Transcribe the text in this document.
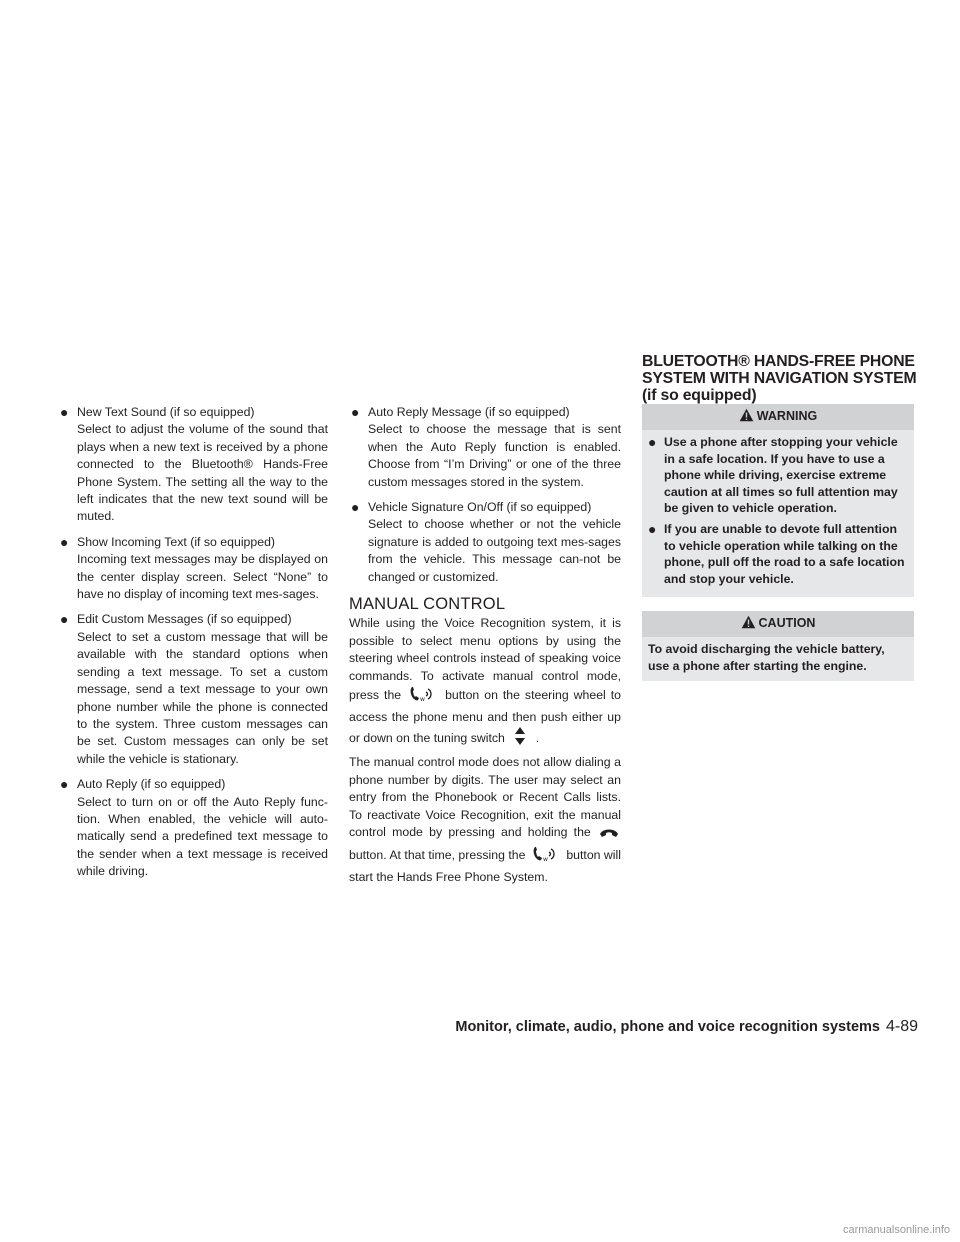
● New Text Sound (if so equipped)
Select to adjust the volume of the sound that plays when a new text is received by a phone connected to the Bluetooth® Hands-Free Phone System. The setting all the way to the left indicates that the new text sound will be muted.
● Show Incoming Text (if so equipped)
Incoming text messages may be displayed on the center display screen. Select “None” to have no display of incoming text mes-sages.
● Edit Custom Messages (if so equipped)
Select to set a custom message that will be available with the standard options when sending a text message. To set a custom message, send a text message to your own phone number while the phone is connected to the system. Three custom messages can be set. Custom messages can only be set while the vehicle is stationary.
● Auto Reply (if so equipped)
Select to turn on or off the Auto Reply func-tion. When enabled, the vehicle will auto-matically send a predefined text message to the sender when a text message is received while driving.
● Auto Reply Message (if so equipped)
Select to choose the message that is sent when the Auto Reply function is enabled. Choose from “I’m Driving” or one of the three custom messages stored in the system.
● Vehicle Signature On/Off (if so equipped)
Select to choose whether or not the vehicle signature is added to outgoing text mes-sages from the vehicle. This message can-not be changed or customized.
MANUAL CONTROL

While using the Voice Recognition system, it is possible to select menu options by using the steering wheel controls instead of speaking voice commands. To activate manual control mode, press the	w button on the steering wheel to access the phone menu and then push either up or down on the tuning switch	.

The manual control mode does not allow dialing a phone number by digits. The user may select an entry from the Phonebook or Recent Calls lists. To reactivate Voice Recognition, exit the manual control mode by pressing and holding the  button. At that time, pressing the	w button will start the Hands Free Phone System.

BLUETOOTH® HANDS-FREE PHONE
SYSTEM WITH NAVIGATION SYSTEM
(if so equipped)
WARNING
● Use a phone after stopping your vehicle in a safe location. If you have to use a phone while driving, exercise extreme caution at all times so full attention may be given to vehicle operation.
● If you are unable to devote full attention to vehicle operation while talking on the phone, pull off the road to a safe location and stop your vehicle.
CAUTION
To avoid discharging the vehicle battery, use a phone after starting the engine.
Monitor, climate, audio, phone and voice recognition systems 4-89
carmanualsonline.info
